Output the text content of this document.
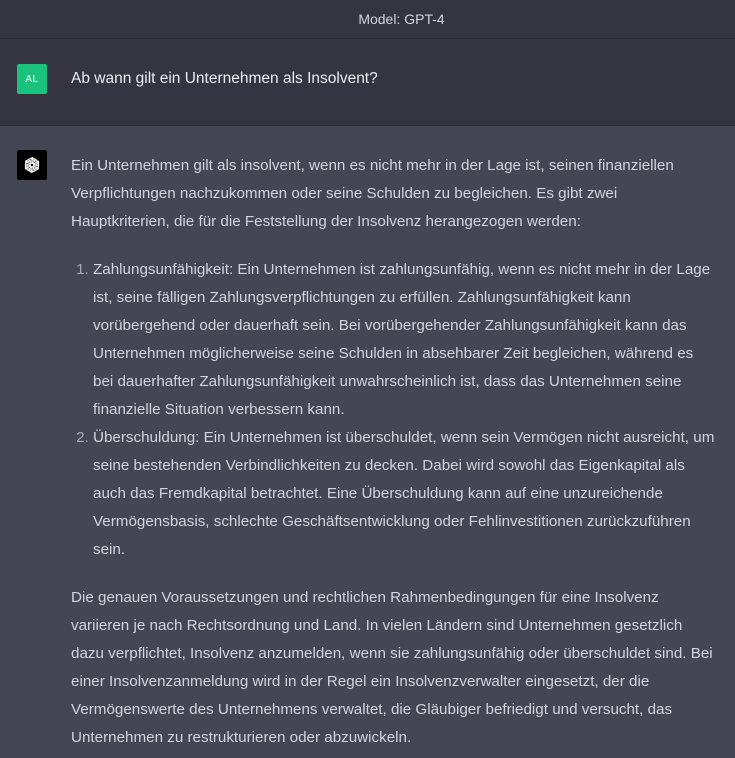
Model: GPT-4
AL Ab wann gilt ein Unternehmen als Insolvent?

Ein Unternehmen gilt als insolvent, wenn es nicht mehr in der Lage ist, seinen finanziellen Verpflichtungen nachzukommen oder seine Schulden zu begleichen. Es gibt zwei Hauptkriterien, die für die Feststellung der Insolvenz herangezogen werden:

1. Zahlungsunfähigkeit: Ein Unternehmen ist zahlungsunfähig, wenn es nicht mehr in der Lage ist, seine fälligen Zahlungsverpflichtungen zu erfüllen. Zahlungsunfähigkeit kann vorübergehend oder dauerhaft sein. Bei vorübergehender Zahlungsunfähigkeit kann das Unternehmen möglicherweise seine Schulden in absehbarer Zeit begleichen, während es bei dauerhafter Zahlungsunfähigkeit unwahrscheinlich ist, dass das Unternehmen seine finanzielle Situation verbessern kann.
2. Überschuldung: Ein Unternehmen ist überschuldet, wenn sein Vermögen nicht ausreicht, um seine bestehenden Verbindlichkeiten zu decken. Dabei wird sowohl das Eigenkapital als auch das Fremdkapital betrachtet. Eine Überschuldung kann auf eine unzureichende Vermögensbasis, schlechte Geschäftsentwicklung oder Fehlinvestitionen zurückzuführen sein.

Die genauen Voraussetzungen und rechtlichen Rahmenbedingungen für eine Insolvenz variieren je nach Rechtsordnung und Land. In vielen Ländern sind Unternehmen gesetzlich dazu verpflichtet, Insolvenz anzumelden, wenn sie zahlungsunfähig oder überschuldet sind. Bei einer Insolvenzanmeldung wird in der Regel ein Insolvenzverwalter eingesetzt, der die Vermögenswerte des Unternehmens verwaltet, die Gläubiger befriedigt und versucht, das Unternehmen zu restrukturieren oder abzuwickeln.
